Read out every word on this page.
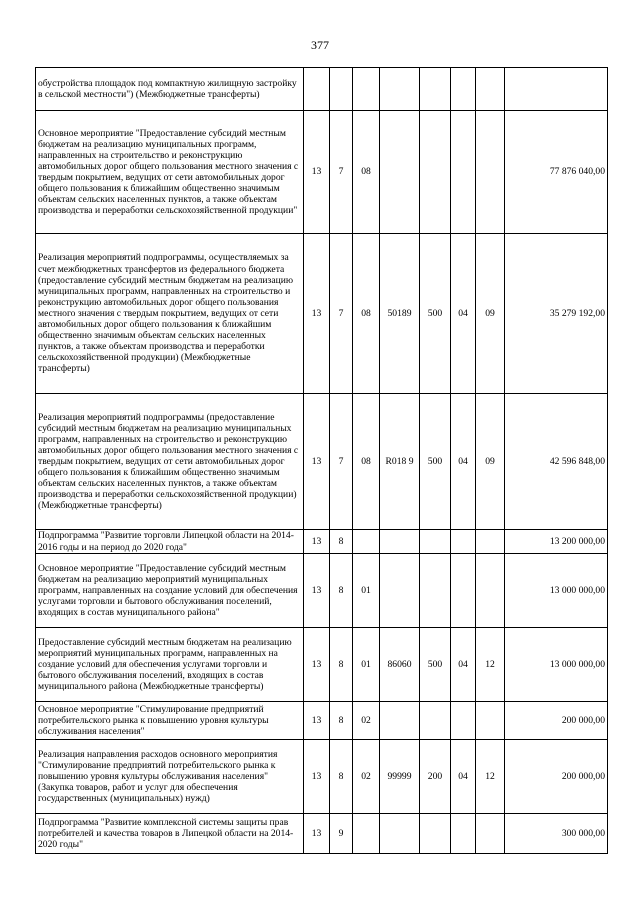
377
обустройства площадок под компактную жилищную застройку в сельской местности") (Межбюджетные трансферты)								
Основное мероприятие "Предоставление субсидий местным бюджетам на реализацию муниципальных программ, направленных на строительство и реконструкцию автомобильных дорог общего пользования местного значения с твердым покрытием, ведущих от сети автомобильных дорог общего пользования к ближайшим общественно значимым объектам сельских населенных пунктов, а также объектам производства и переработки сельскохозяйственной продукции"	13	7	08					77 876 040,00
Реализация мероприятий подпрограммы, осуществляемых за счет межбюджетных трансфертов из федерального бюджета (предоставление субсидий местным бюджетам на реализацию муниципальных программ, направленных на строительство и реконструкцию автомобильных дорог общего пользования местного значения с твердым покрытием, ведущих от сети автомобильных дорог общего пользования к ближайшим общественно значимым объектам сельских населенных пунктов, а также объектам производства и переработки сельскохозяйственной продукции) (Межбюджетные трансферты)	13	7	08	50189	500	04	09	35 279 192,00
Реализация мероприятий подпрограммы (предоставление субсидий местным бюджетам на реализацию муниципальных программ, направленных на строительство и реконструкцию автомобильных дорог общего пользования местного значения с твердым покрытием, ведущих от сети автомобильных дорог общего пользования к ближайшим общественно значимым объектам сельских населенных пунктов, а также объектам производства и переработки сельскохозяйственной продукции) (Межбюджетные трансферты)	13	7	08	R018 9	500	04	09	42 596 848,00
Подпрограмма "Развитие торговли Липецкой области на 2014-2016 годы и на период до 2020 года"	13	8						13 200 000,00
Основное мероприятие "Предоставление субсидий местным бюджетам на реализацию мероприятий муниципальных программ, направленных на создание условий для обеспечения услугами торговли и бытового обслуживания поселений, входящих в состав муниципального района"	13	8	01					13 000 000,00
Предоставление субсидий местным бюджетам на реализацию мероприятий муниципальных программ, направленных на создание условий для обеспечения услугами торговли и бытового обслуживания поселений, входящих в состав муниципального района (Межбюджетные трансферты)	13	8	01	86060	500	04	12	13 000 000,00
Основное мероприятие "Стимулирование предприятий потребительского рынка к повышению уровня культуры обслуживания населения"	13	8	02					200 000,00
Реализация направления расходов основного мероприятия "Стимулирование предприятий потребительского рынка к повышению уровня культуры обслуживания населения" (Закупка товаров, работ и услуг для обеспечения государственных (муниципальных) нужд)	13	8	02	99999	200	04	12	200 000,00
Подпрограмма "Развитие комплексной системы защиты прав потребителей и качества товаров в Липецкой области на 2014-2020 годы"	13	9						300 000,00
